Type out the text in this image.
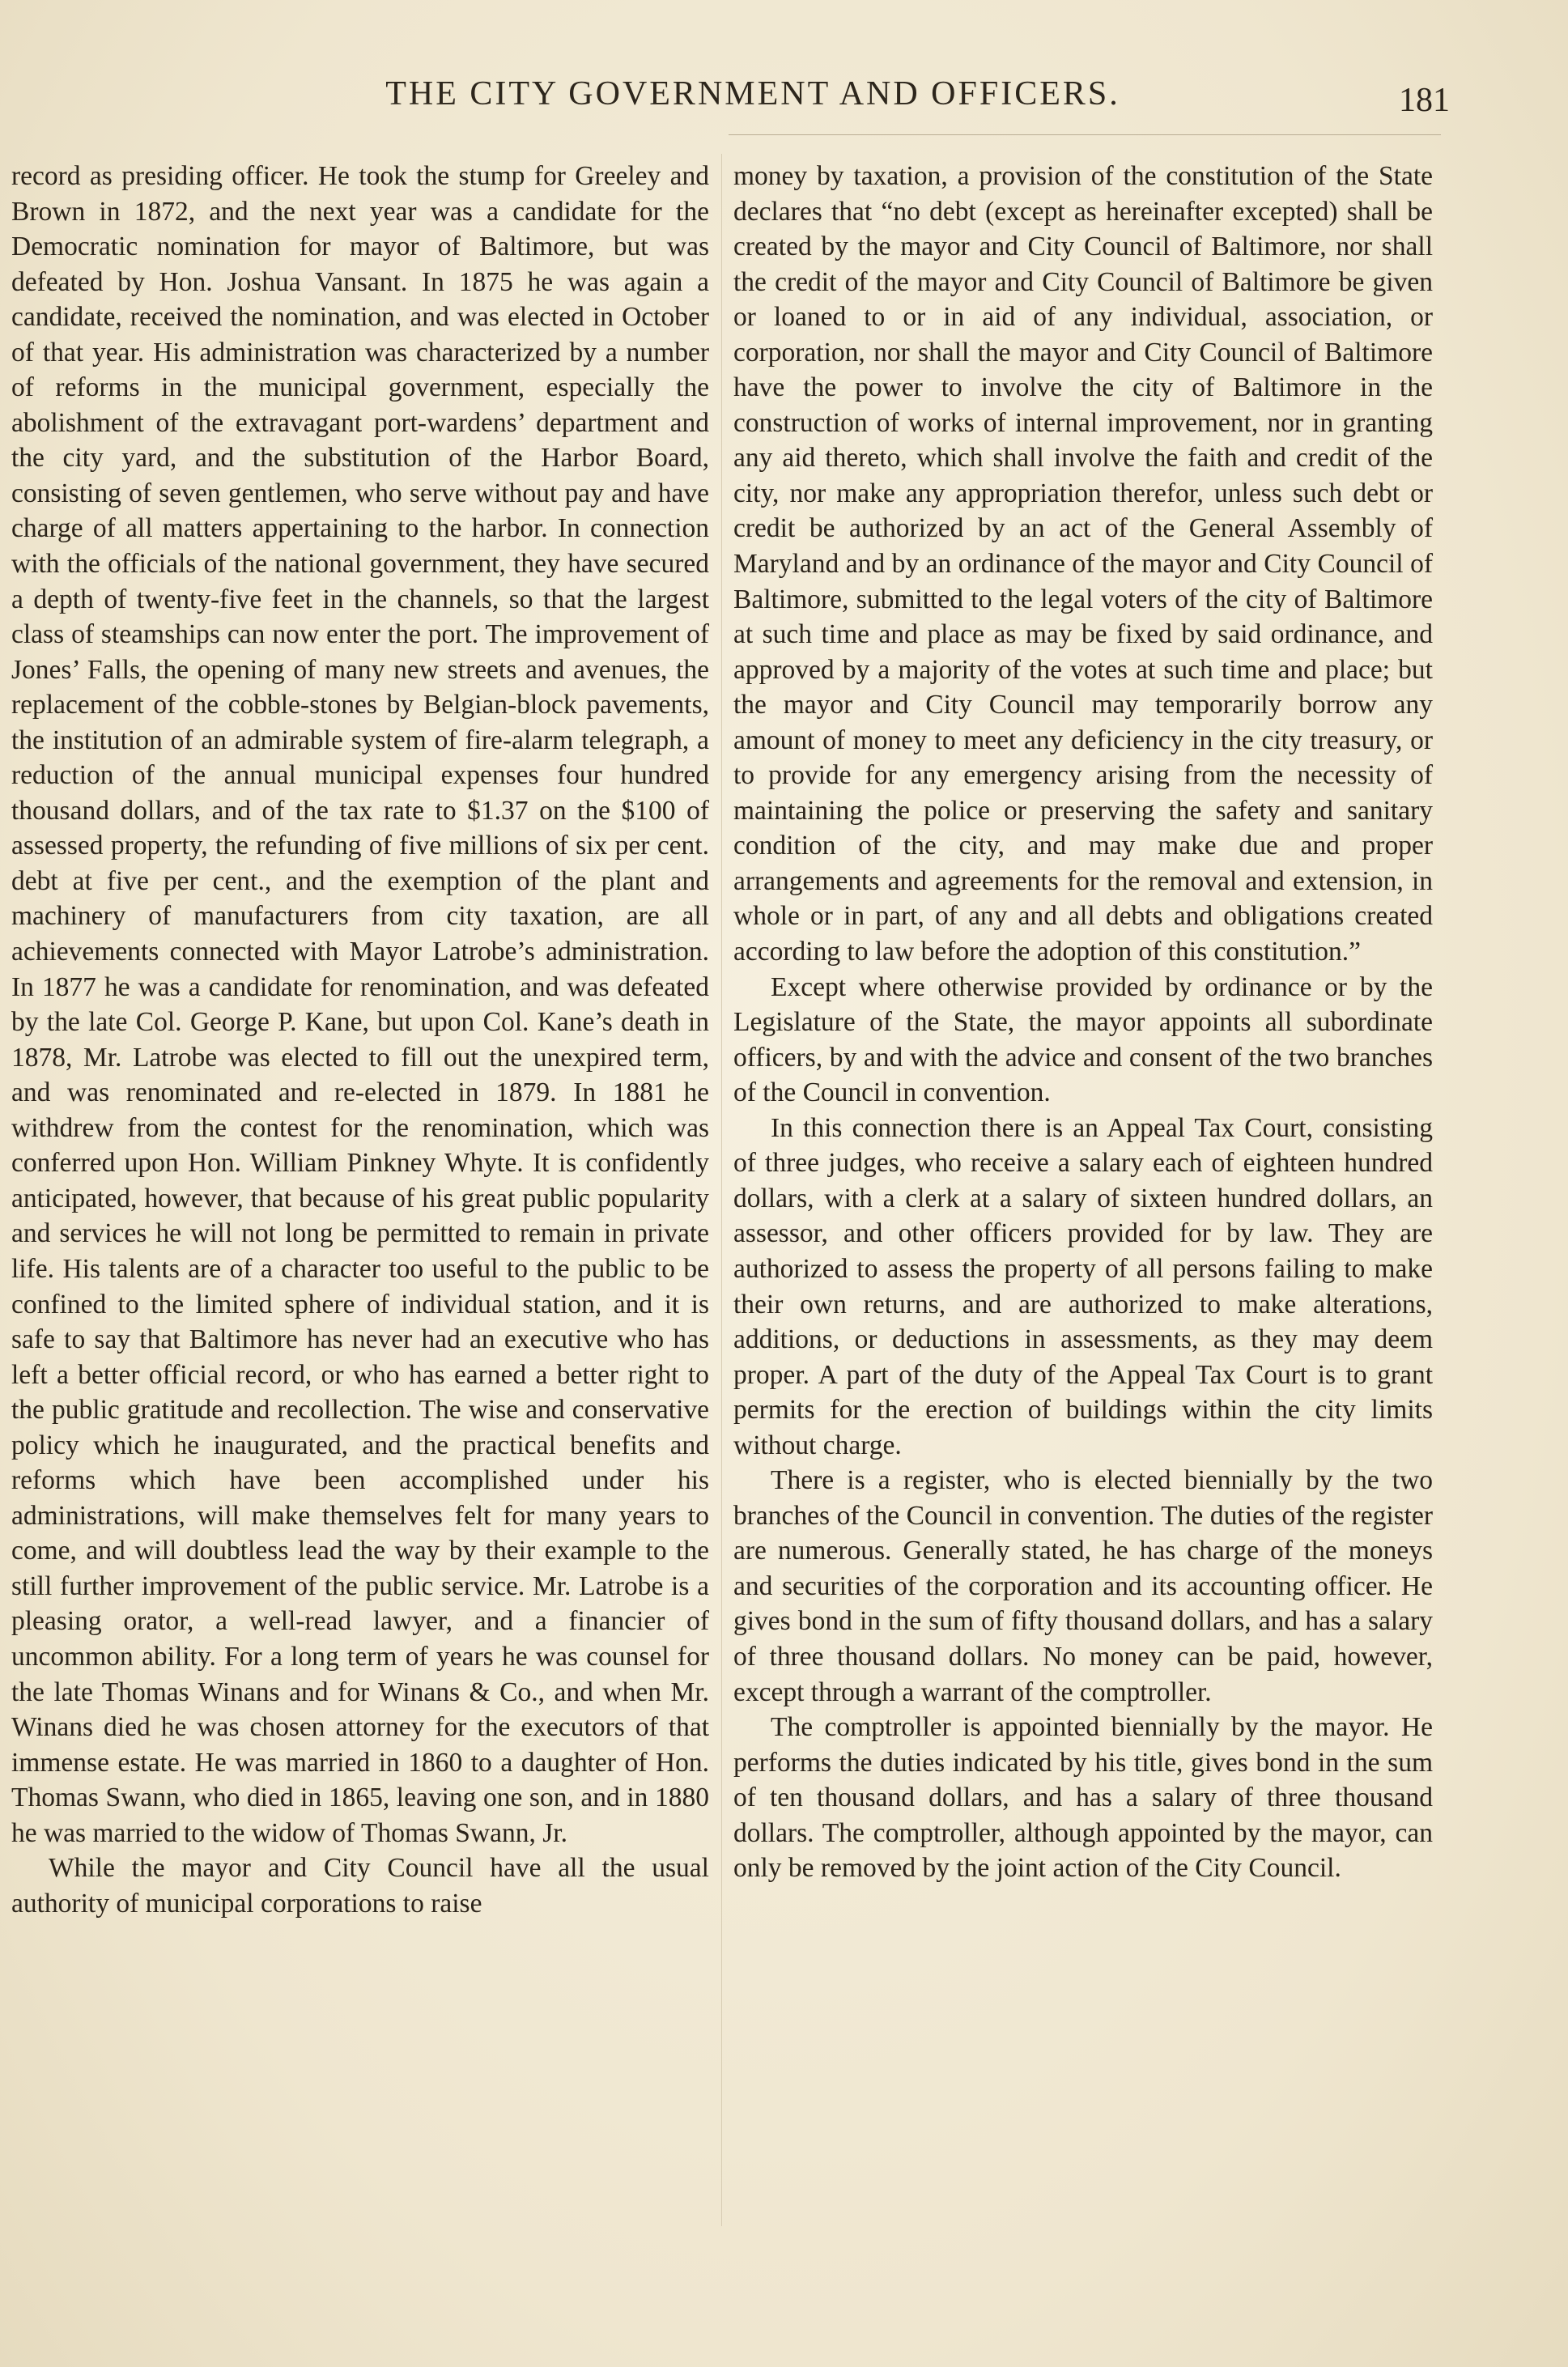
THE CITY GOVERNMENT AND OFFICERS.	181

record as presiding officer. He took the stump for Greeley and Brown in 1872, and the next year was a candidate for the Democratic nomination for mayor of Baltimore, but was defeated by Hon. Joshua Vansant. In 1875 he was again a candidate, received the nomination, and was elected in October of that year. His administration was characterized by a number of reforms in the municipal government, especially the abolishment of the extravagant port-wardens’ department and the city yard, and the substitution of the Harbor Board, consisting of seven gentlemen, who serve without pay and have charge of all matters appertaining to the harbor. In connection with the officials of the national government, they have secured a depth of twenty-five feet in the channels, so that the largest class of steamships can now enter the port. The improvement of Jones’ Falls, the opening of many new streets and avenues, the replacement of the cobble-stones by Belgian-block pavements, the institution of an admirable system of fire-alarm telegraph, a reduction of the annual municipal expenses four hundred thousand dollars, and of the tax rate to $1.37 on the $100 of assessed property, the refunding of five millions of six per cent. debt at five per cent., and the exemption of the plant and machinery of manufacturers from city taxation, are all achievements connected with Mayor Latrobe’s administration. In 1877 he was a candidate for renomination, and was defeated by the late Col. George P. Kane, but upon Col. Kane’s death in 1878, Mr. Latrobe was elected to fill out the unexpired term, and was renominated and re-elected in 1879. In 1881 he withdrew from the contest for the renomination, which was conferred upon Hon. William Pinkney Whyte. It is confidently anticipated, however, that because of his great public popularity and services he will not long be permitted to remain in private life. His talents are of a character too useful to the public to be confined to the limited sphere of individual station, and it is safe to say that Baltimore has never had an executive who has left a better official record, or who has earned a better right to the public gratitude and recollection. The wise and conservative policy which he inaugurated, and the practical benefits and reforms which have been accomplished under his administrations, will make themselves felt for many years to come, and will doubtless lead the way by their example to the still further improvement of the public service. Mr. Latrobe is a pleasing orator, a well-read lawyer, and a financier of uncommon ability. For a long term of years he was counsel for the late Thomas Winans and for Winans & Co., and when Mr. Winans died he was chosen attorney for the executors of that immense estate. He was married in 1860 to a daughter of Hon. Thomas Swann, who died in 1865, leaving one son, and in 1880 he was married to the widow of Thomas Swann, Jr.

While the mayor and City Council have all the usual authority of municipal corporations to raise

money by taxation, a provision of the constitution of the State declares that “no debt (except as hereinafter excepted) shall be created by the mayor and City Council of Baltimore, nor shall the credit of the mayor and City Council of Baltimore be given or loaned to or in aid of any individual, association, or corporation, nor shall the mayor and City Council of Baltimore have the power to involve the city of Baltimore in the construction of works of internal improvement, nor in granting any aid thereto, which shall involve the faith and credit of the city, nor make any appropriation therefor, unless such debt or credit be authorized by an act of the General Assembly of Maryland and by an ordinance of the mayor and City Council of Baltimore, submitted to the legal voters of the city of Baltimore at such time and place as may be fixed by said ordinance, and approved by a majority of the votes at such time and place; but the mayor and City Council may temporarily borrow any amount of money to meet any deficiency in the city treasury, or to provide for any emergency arising from the necessity of maintaining the police or preserving the safety and sanitary condition of the city, and may make due and proper arrangements and agreements for the removal and extension, in whole or in part, of any and all debts and obligations created according to law before the adoption of this constitution.”

Except where otherwise provided by ordinance or by the Legislature of the State, the mayor appoints all subordinate officers, by and with the advice and consent of the two branches of the Council in convention.

In this connection there is an Appeal Tax Court, consisting of three judges, who receive a salary each of eighteen hundred dollars, with a clerk at a salary of sixteen hundred dollars, an assessor, and other officers provided for by law. They are authorized to assess the property of all persons failing to make their own returns, and are authorized to make alterations, additions, or deductions in assessments, as they may deem proper. A part of the duty of the Appeal Tax Court is to grant permits for the erection of buildings within the city limits without charge.

There is a register, who is elected biennially by the two branches of the Council in convention. The duties of the register are numerous. Generally stated, he has charge of the moneys and securities of the corporation and its accounting officer. He gives bond in the sum of fifty thousand dollars, and has a salary of three thousand dollars. No money can be paid, however, except through a warrant of the comptroller.

The comptroller is appointed biennially by the mayor. He performs the duties indicated by his title, gives bond in the sum of ten thousand dollars, and has a salary of three thousand dollars. The comptroller, although appointed by the mayor, can only be removed by the joint action of the City Council.
